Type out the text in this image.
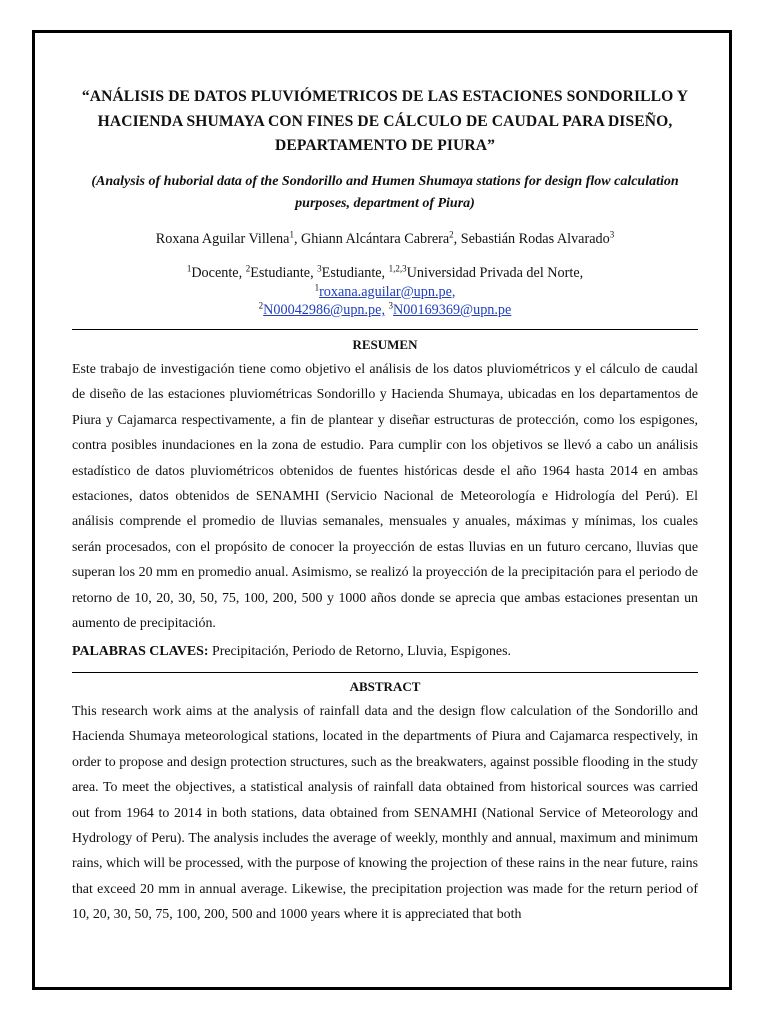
“ANÁLISIS DE DATOS PLUVIÓMETRICOS DE LAS ESTACIONES SONDORILLO Y HACIENDA SHUMAYA CON FINES DE CÁLCULO DE CAUDAL PARA DISEÑO, DEPARTAMENTO DE PIURA”
(Analysis of huborial data of the Sondorillo and Humen Shumaya stations for design flow calculation purposes, department of Piura)
Roxana Aguilar Villena$^1$, Ghiann Alcántara Cabrera$^2$, Sebastián Rodas Alvarado$^3$
$^1$Docente, $^2$Estudiante, $^3$Estudiante, $^{1,2,3}$Universidad Privada del Norte,
$^1$roxana.aguilar@upn.pe,
$^2$N00042986@upn.pe, $^3$N00169369@upn.pe
RESUMEN
Este trabajo de investigación tiene como objetivo el análisis de los datos pluviométricos y el cálculo de caudal de diseño de las estaciones pluviométricas Sondorillo y Hacienda Shumaya, ubicadas en los departamentos de Piura y Cajamarca respectivamente, a fin de plantear y diseñar estructuras de protección, como los espigones, contra posibles inundaciones en la zona de estudio. Para cumplir con los objetivos se llevó a cabo un análisis estadístico de datos pluviométricos obtenidos de fuentes históricas desde el año 1964 hasta 2014 en ambas estaciones, datos obtenidos de SENAMHI (Servicio Nacional de Meteorología e Hidrología del Perú). El análisis comprende el promedio de lluvias semanales, mensuales y anuales, máximas y mínimas, los cuales serán procesados, con el propósito de conocer la proyección de estas lluvias en un futuro cercano, lluvias que superan los 20 mm en promedio anual. Asimismo, se realizó la proyección de la precipitación para el periodo de retorno de 10, 20, 30, 50, 75, 100, 200, 500 y 1000 años donde se aprecia que ambas estaciones presentan un aumento de precipitación.
PALABRAS CLAVES: Precipitación, Periodo de Retorno, Lluvia, Espigones.
ABSTRACT
This research work aims at the analysis of rainfall data and the design flow calculation of the Sondorillo and Hacienda Shumaya meteorological stations, located in the departments of Piura and Cajamarca respectively, in order to propose and design protection structures, such as the breakwaters, against possible flooding in the study area. To meet the objectives, a statistical analysis of rainfall data obtained from historical sources was carried out from 1964 to 2014 in both stations, data obtained from SENAMHI (National Service of Meteorology and Hydrology of Peru). The analysis includes the average of weekly, monthly and annual, maximum and minimum rains, which will be processed, with the purpose of knowing the projection of these rains in the near future, rains that exceed 20 mm in annual average. Likewise, the precipitation projection was made for the return period of 10, 20, 30, 50, 75, 100, 200, 500 and 1000 years where it is appreciated that both
